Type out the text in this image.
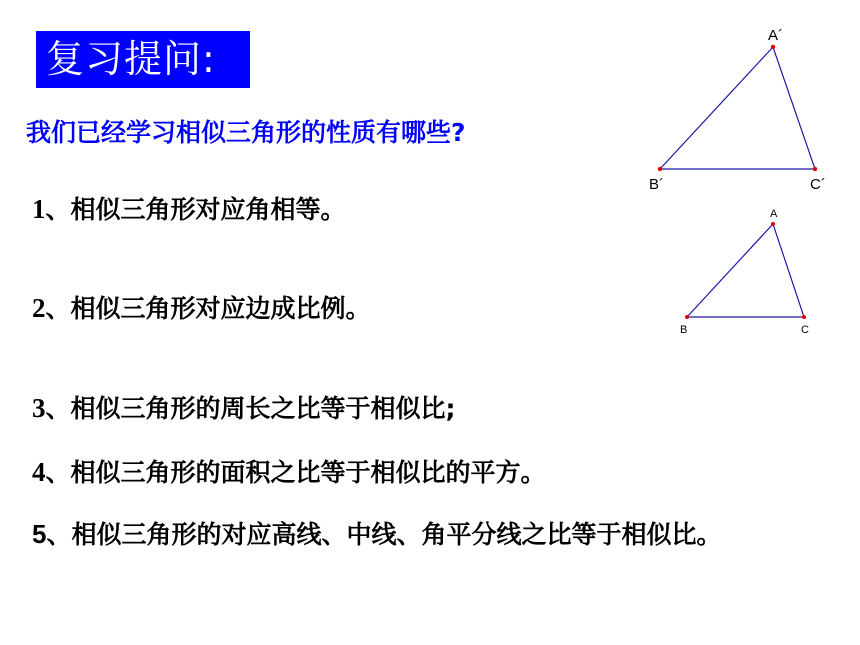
复习提问:
我们已经学习相似三角形的性质有哪些?
1、相似三角形对应角相等。
2、相似三角形对应边成比例。
3、相似三角形的周长之比等于相似比;
4、相似三角形的面积之比等于相似比的平方。
5、相似三角形的对应高线、中线、角平分线之比等于相似比。
A´
B´	C´
A
B	C
